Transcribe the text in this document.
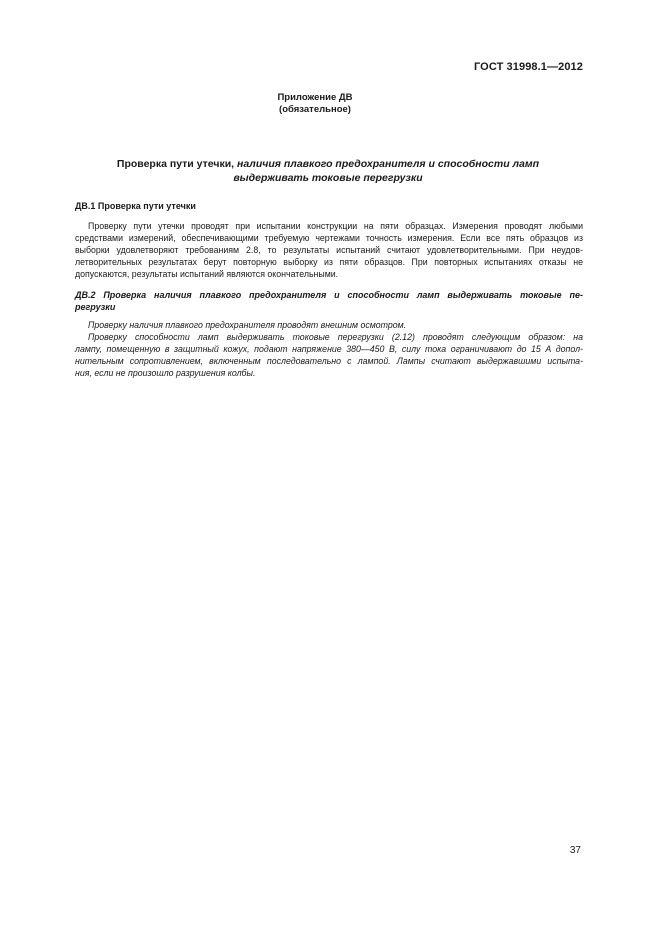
ГОСТ 31998.1—2012
Приложение ДВ
(обязательное)
Проверка пути утечки, наличия плавкого предохранителя и способности ламп
выдерживать токовые перегрузки
ДВ.1 Проверка пути утечки
Проверку пути утечки проводят при испытании конструкции на пяти образцах. Измерения проводят любыми
средствами измерений, обеспечивающими требуемую чертежами точность измерения. Если все пять образцов из
выборки удовлетворяют требованиям 2.8, то результаты испытаний считают удовлетворительными. При неудов-
летворительных результатах берут повторную выборку из пяти образцов. При повторных испытаниях отказы не
допускаются, результаты испытаний являются окончательными.
ДВ.2 Проверка наличия плавкого предохранителя и способности ламп выдерживать токовые пе-
регрузки
Проверку наличия плавкого предохранителя проводят внешним осмотром.
Проверку способности ламп выдерживать токовые перегрузки (2.12) проводят следующим образом: на
лампу, помещенную в защитный кожух, подают напряжение 380—450 В, силу тока ограничивают до 15 А допол-
нительным сопротивлением, включенным последовательно с лампой. Лампы считают выдержавшими испыта-
ния, если не произошло разрушения колбы.
37
